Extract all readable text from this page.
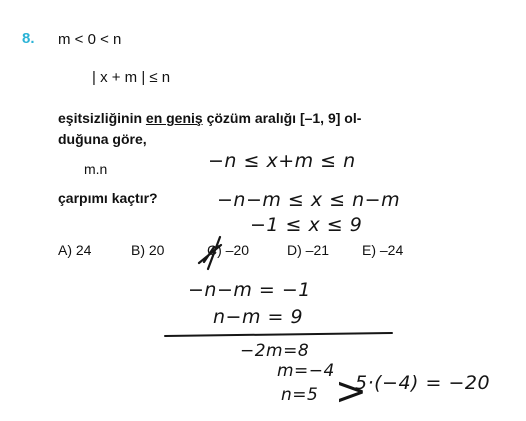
8. m < 0 < n
| x + m | ≤ n
eşitsizliğinin en geniş çözüm aralığı [–1, 9] ol-
duğuna göre,
m.n
çarpımı kaçtır?
A) 24	B) 20	C) –20	D) –21 E) –24
−n ≤ x+m ≤ n
−n−m ≤ x ≤ n−m
−1 ≤ x ≤ 9
−n−m = −1
n−m = 9
−2m=8
m=−4
n=5 >
5·(−4) = −20
